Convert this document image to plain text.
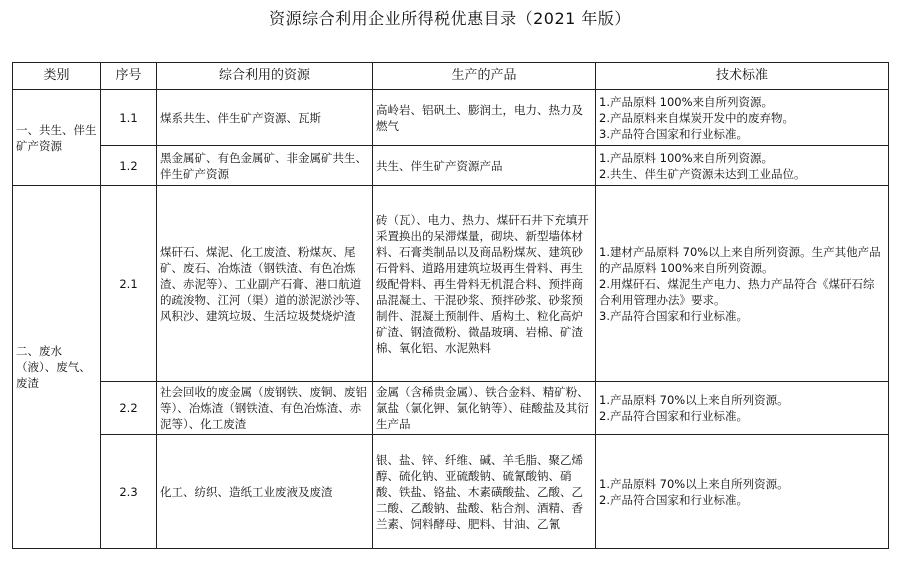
资源综合利用企业所得税优惠目录（2021 年版）
类别	序号	综合利用的资源	生产的产品	技术标准
一、共生、伴生矿产资源	1.1	煤系共生、伴生矿产资源、瓦斯	高岭岩、铝矾土、膨润土，电力、热力及燃气	1.产品原料 100%来自所列资源。
2.产品原料来自煤炭开发中的废弃物。
3.产品符合国家和行业标准。

	1.2	黑金属矿、有色金属矿、非金属矿共生、伴生矿产资源	共生、伴生矿产资源产品	1.产品原料 100%来自所列资源。
2.共生、伴生矿产资源未达到工业品位。

二、废水（液）、废气、废渣	2.1	煤矸石、煤泥、化工废渣、粉煤灰、尾矿、废石、冶炼渣（钢铁渣、有色冶炼渣、赤泥等）、工业副产石膏、港口航道的疏浚物、江河（渠）道的淤泥淤沙等、风积沙、建筑垃圾、生活垃圾焚烧炉渣	砖（瓦）、电力、热力、煤矸石井下充填开采置换出的呆滞煤量，砌块、新型墙体材料、石膏类制品以及商品粉煤灰、建筑砂石骨料、道路用建筑垃圾再生骨料、再生级配骨料、再生骨料无机混合料、预拌商品混凝土、干混砂浆、预拌砂浆、砂浆预制件、混凝土预制件、盾构土、粒化高炉矿渣、钢渣微粉、微晶玻璃、岩棉、矿渣棉、氧化铝、水泥熟料	1.建材产品原料 70%以上来自所列资源。生产其他产品的产品原料 100%来自所列资源。
2.用煤矸石、煤泥生产电力、热力产品符合《煤矸石综合利用管理办法》要求。
3.产品符合国家和行业标准。

	2.2	社会回收的废金属（废钢铁、废铜、废铝等）、冶炼渣（钢铁渣、有色冶炼渣、赤泥等）、化工废渣	金属（含稀贵金属）、铁合金料、精矿粉、氯盐（氯化钾、氯化钠等）、硅酸盐及其衍生产品	1.产品原料 70%以上来自所列资源。
2.产品符合国家和行业标准。

	2.3	化工、纺织、造纸工业废液及废渣	银、盐、锌、纤维、碱、羊毛脂、聚乙烯醇、硫化钠、亚硫酸钠、硫氰酸钠、硝酸、铁盐、铬盐、木素磺酸盐、乙酸、乙二酸、乙酸钠、盐酸、粘合剂、酒精、香兰素、饲料酵母、肥料、甘油、乙氰	1.产品原料 70%以上来自所列资源。
2.产品符合国家和行业标准。
